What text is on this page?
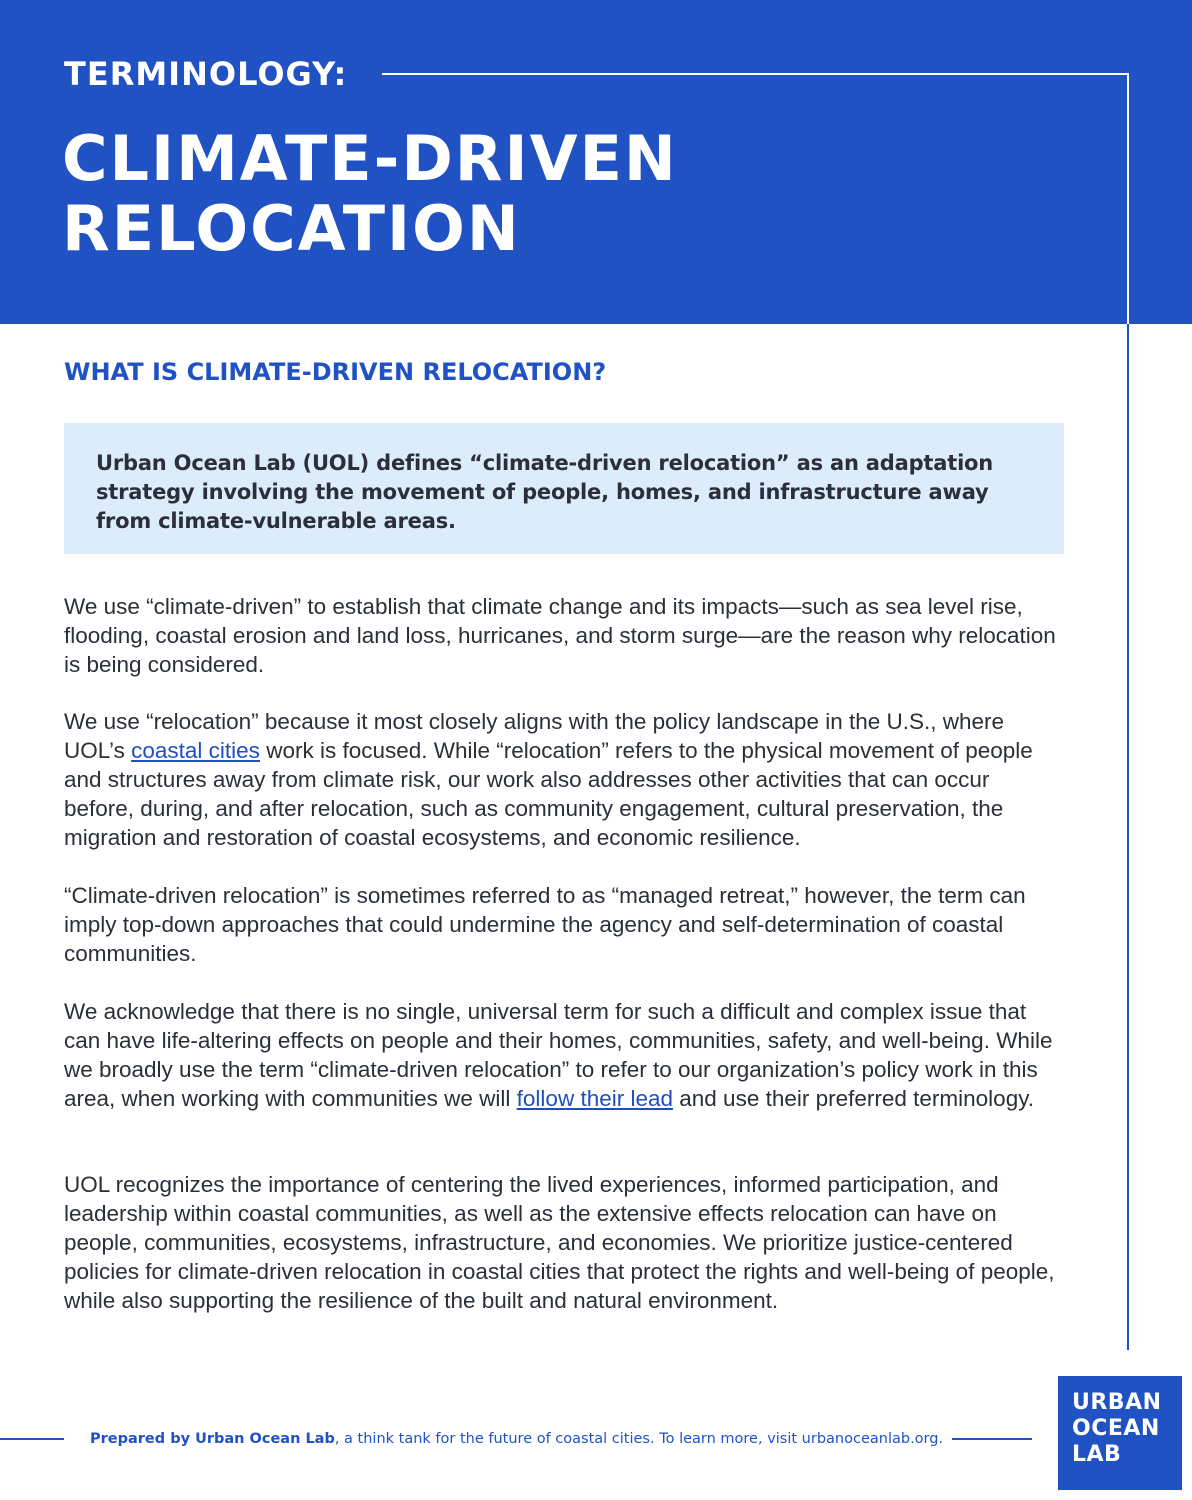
TERMINOLOGY:

CLIMATE-DRIVEN
RELOCATION
WHAT IS CLIMATE-DRIVEN RELOCATION?

Urban Ocean Lab (UOL) defines “climate-driven relocation” as an adaptation strategy involving the movement of people, homes, and infrastructure away from climate-vulnerable areas.

We use “climate-driven” to establish that climate change and its impacts—such as sea level rise, flooding, coastal erosion and land loss, hurricanes, and storm surge—are the reason why relocation is being considered.

We use “relocation” because it most closely aligns with the policy landscape in the U.S., where UOL’s coastal cities work is focused. While “relocation” refers to the physical movement of people and structures away from climate risk, our work also addresses other activities that can occur before, during, and after relocation, such as community engagement, cultural preservation, the migration and restoration of coastal ecosystems, and economic resilience.

“Climate-driven relocation” is sometimes referred to as “managed retreat,” however, the term can imply top-down approaches that could undermine the agency and self-determination of coastal communities.

We acknowledge that there is no single, universal term for such a difficult and complex issue that can have life-altering effects on people and their homes, communities, safety, and well-being. While we broadly use the term “climate-driven relocation” to refer to our organization’s policy work in this area, when working with communities we will follow their lead and use their preferred terminology.

UOL recognizes the importance of centering the lived experiences, informed participation, and leadership within coastal communities, as well as the extensive effects relocation can have on people, communities, ecosystems, infrastructure, and economies. We prioritize justice-centered policies for climate-driven relocation in coastal cities that protect the rights and well-being of people, while also supporting the resilience of the built and natural environment.

Prepared by Urban Ocean Lab, a think tank for the future of coastal cities. To learn more, visit urbanoceanlab.org.

URBAN
OCEAN
LAB
